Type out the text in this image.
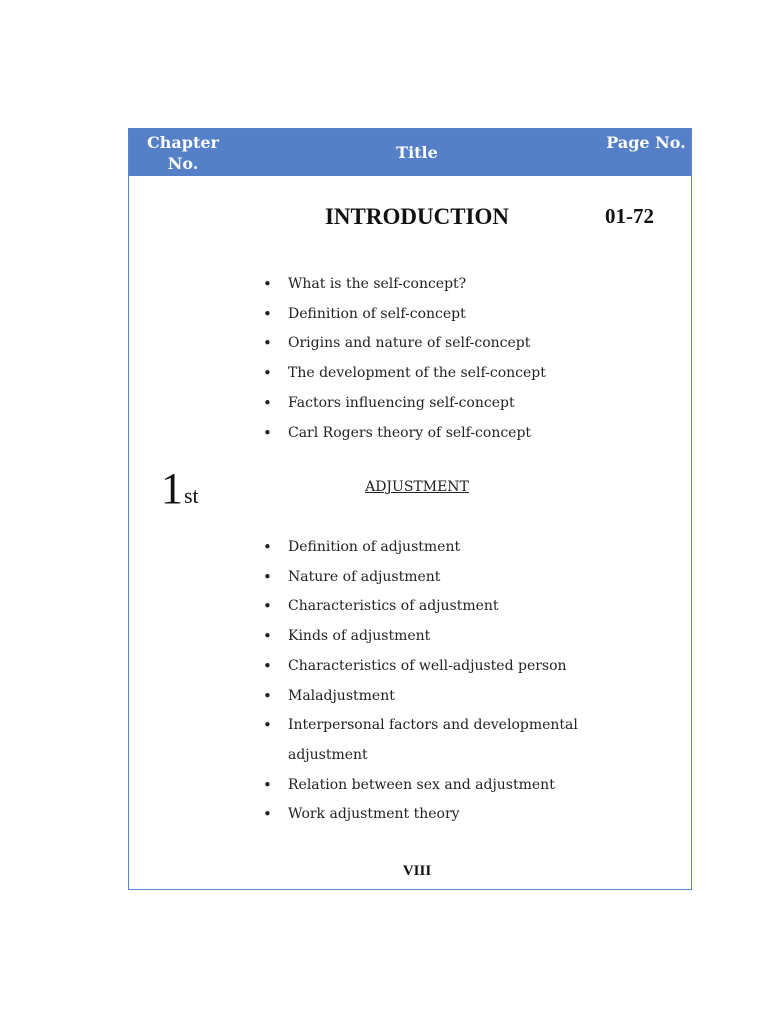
Chapter No.
Title
Page No.
INTRODUCTION	01-72
• What is the self-concept?
• Definition of self-concept
• Origins and nature of self-concept
• The development of the self-concept
• Factors influencing self-concept
• Carl Rogers theory of self-concept
1st	ADJUSTMENT
• Definition of adjustment
• Nature of adjustment
• Characteristics of adjustment
• Kinds of adjustment
• Characteristics of well-adjusted person
• Maladjustment
• Interpersonal factors and developmental adjustment
• Relation between sex and adjustment
• Work adjustment theory
VIII
